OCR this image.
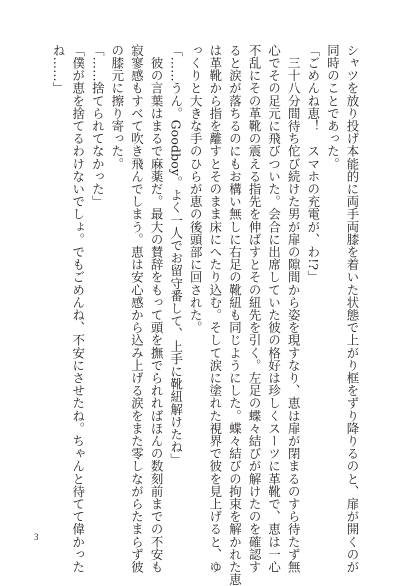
シャツを放り投げ本能的に両手両膝を着いた状態で上がり框をずり降りるのと、扉が開くのが
同時のことであった。
「ごめんね恵！　スマホの充電が、わ!?」
　三十八分間待ち佗び続けた男が扉の隙間から姿を現すなり、恵は扉が閉まるのすら待たず無
心でその足元に飛びついた。会合に出席していた彼の格好は珍しくスーツに革靴で、恵は一心
不乱にその革靴の震える指先を伸ばすとその紐先を引く。左足の蝶々結びが解けたのを確認す
ると涙が落ちるのにもお構い無しに右足の靴紐も同じようにした。蝶々結びの拘束を解かれた恵
は革靴から指を離すとそのまま床にへたり込む。そして涙に塗れた視界で彼を見上げると、ゆ
っくりと大きな手のひらが恵の後頭部に回された。
「……うん。Goodboy。よく一人でお留守番して、上手に靴紐解けたね」
　彼の言葉はまるで麻薬だ。最大の賛辞をもって頭を撫でられればほんの数刻前までの不安も
寂寥感もすべて吹き飛んでしまう。恵は安心感から込み上げる涙をまた零しながらたまらず彼
の膝元に擦り寄った。
「……捨てられてなかった」
「僕が恵を捨てるわけないでしょ。でもごめんね、不安にさせたね。ちゃんと待てて偉かった
ね……」
3
